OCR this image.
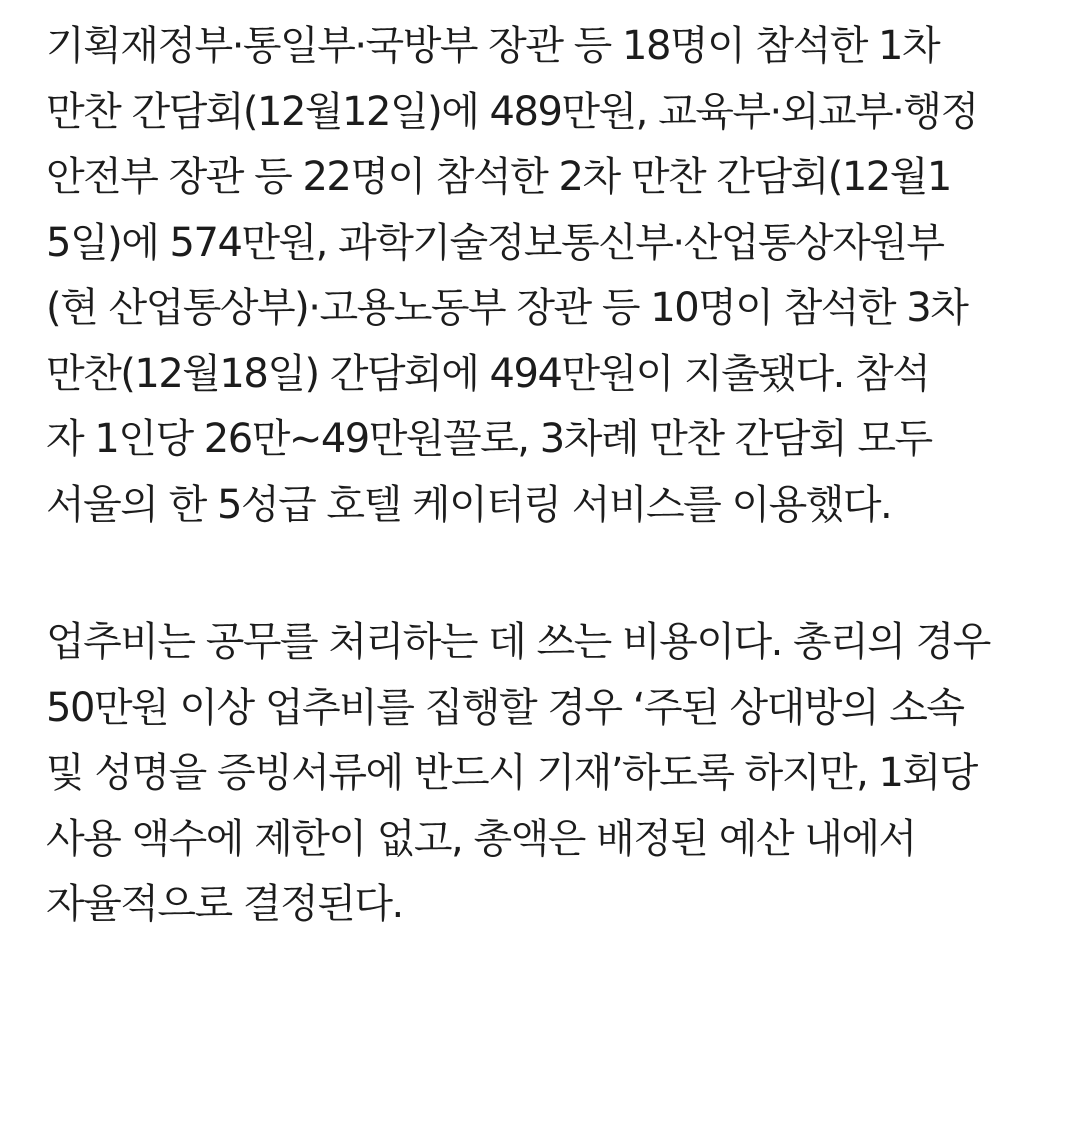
기획재정부·통일부·국방부 장관 등 18명이 참석한 1차
만찬 간담회(12월12일)에 489만원, 교육부·외교부·행정
안전부 장관 등 22명이 참석한 2차 만찬 간담회(12월1
5일)에 574만원, 과학기술정보통신부·산업통상자원부
(현 산업통상부)·고용노동부 장관 등 10명이 참석한 3차
만찬(12월18일) 간담회에 494만원이 지출됐다. 참석
자 1인당 26만~49만원꼴로, 3차례 만찬 간담회 모두
서울의 한 5성급 호텔 케이터링 서비스를 이용했다.

업추비는 공무를 처리하는 데 쓰는 비용이다. 총리의 경우
50만원 이상 업추비를 집행할 경우 ‘주된 상대방의 소속
및 성명을 증빙서류에 반드시 기재’하도록 하지만, 1회당
사용 액수에 제한이 없고, 총액은 배정된 예산 내에서
자율적으로 결정된다.
